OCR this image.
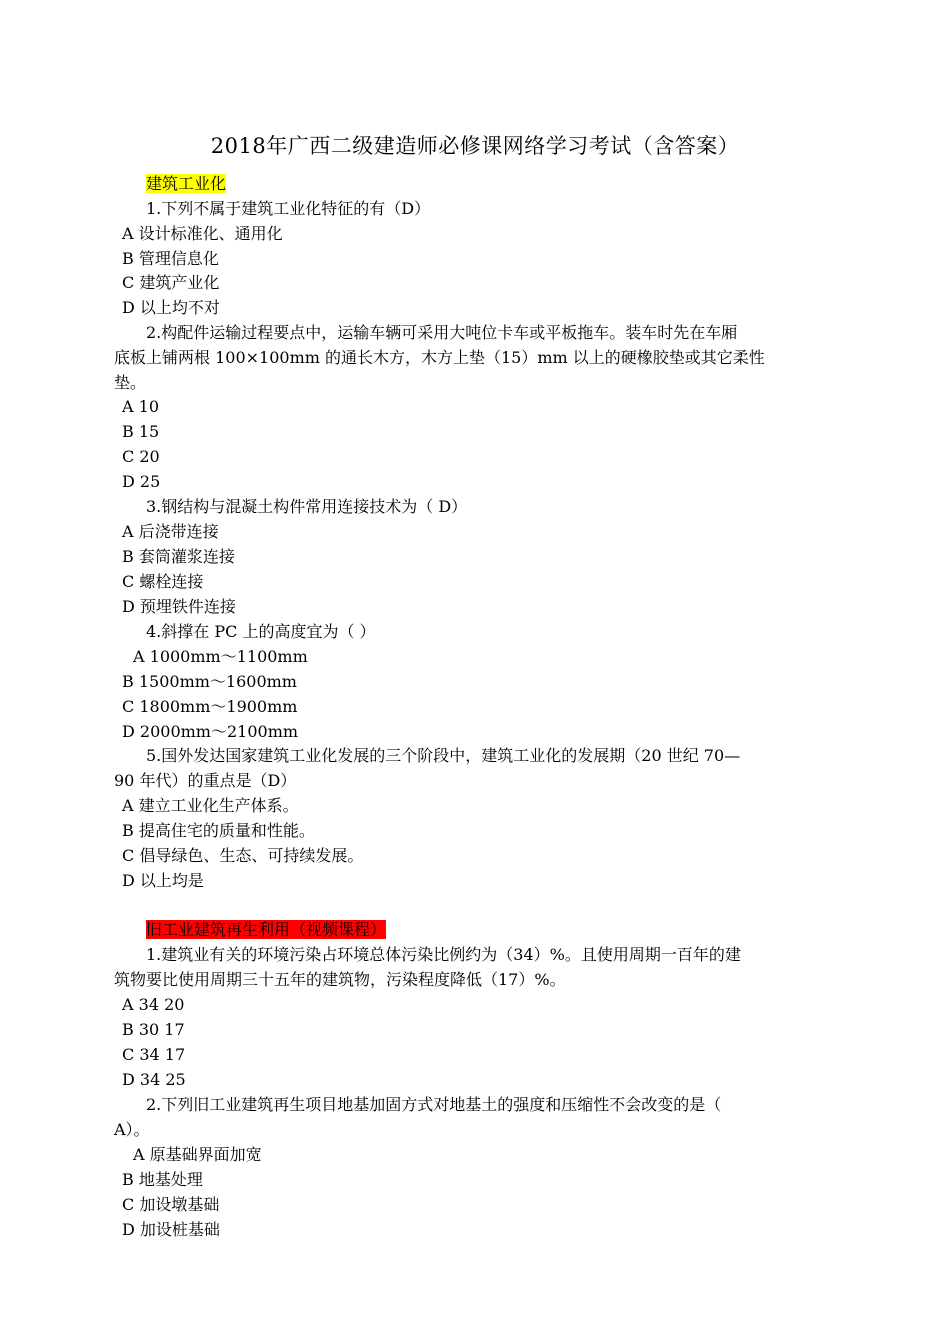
2018年广西二级建造师必修课网络学习考试（含答案）
建筑工业化
1.下列不属于建筑工业化特征的有（D）
A 设计标准化、通用化
B 管理信息化
C 建筑产业化
D 以上均不对
2.构配件运输过程要点中，运输车辆可采用大吨位卡车或平板拖车。装车时先在车厢
底板上铺两根 100×100mm 的通长木方，木方上垫（15）mm 以上的硬橡胶垫或其它柔性
垫。
A 10
B 15
C 20
D 25
3.钢结构与混凝土构件常用连接技术为（ D）
A 后浇带连接
B 套筒灌浆连接
C 螺栓连接
D 预埋铁件连接
4.斜撑在 PC 上的高度宜为（ ）
A 1000mm～1100mm
B 1500mm～1600mm
C 1800mm～1900mm
D 2000mm～2100mm
5.国外发达国家建筑工业化发展的三个阶段中，建筑工业化的发展期（20 世纪 70—
90 年代）的重点是（D）
A 建立工业化生产体系。
B 提高住宅的质量和性能。
C 倡导绿色、生态、可持续发展。
D 以上均是
旧工业建筑再生利用（视频课程）
1.建筑业有关的环境污染占环境总体污染比例约为（34）%。且使用周期一百年的建
筑物要比使用周期三十五年的建筑物，污染程度降低（17）%。
A 34 20
B 30 17
C 34 17
D 34 25
2.下列旧工业建筑再生项目地基加固方式对地基土的强度和压缩性不会改变的是（
A）。
A 原基础界面加宽
B 地基处理
C 加设墩基础
D 加设桩基础
